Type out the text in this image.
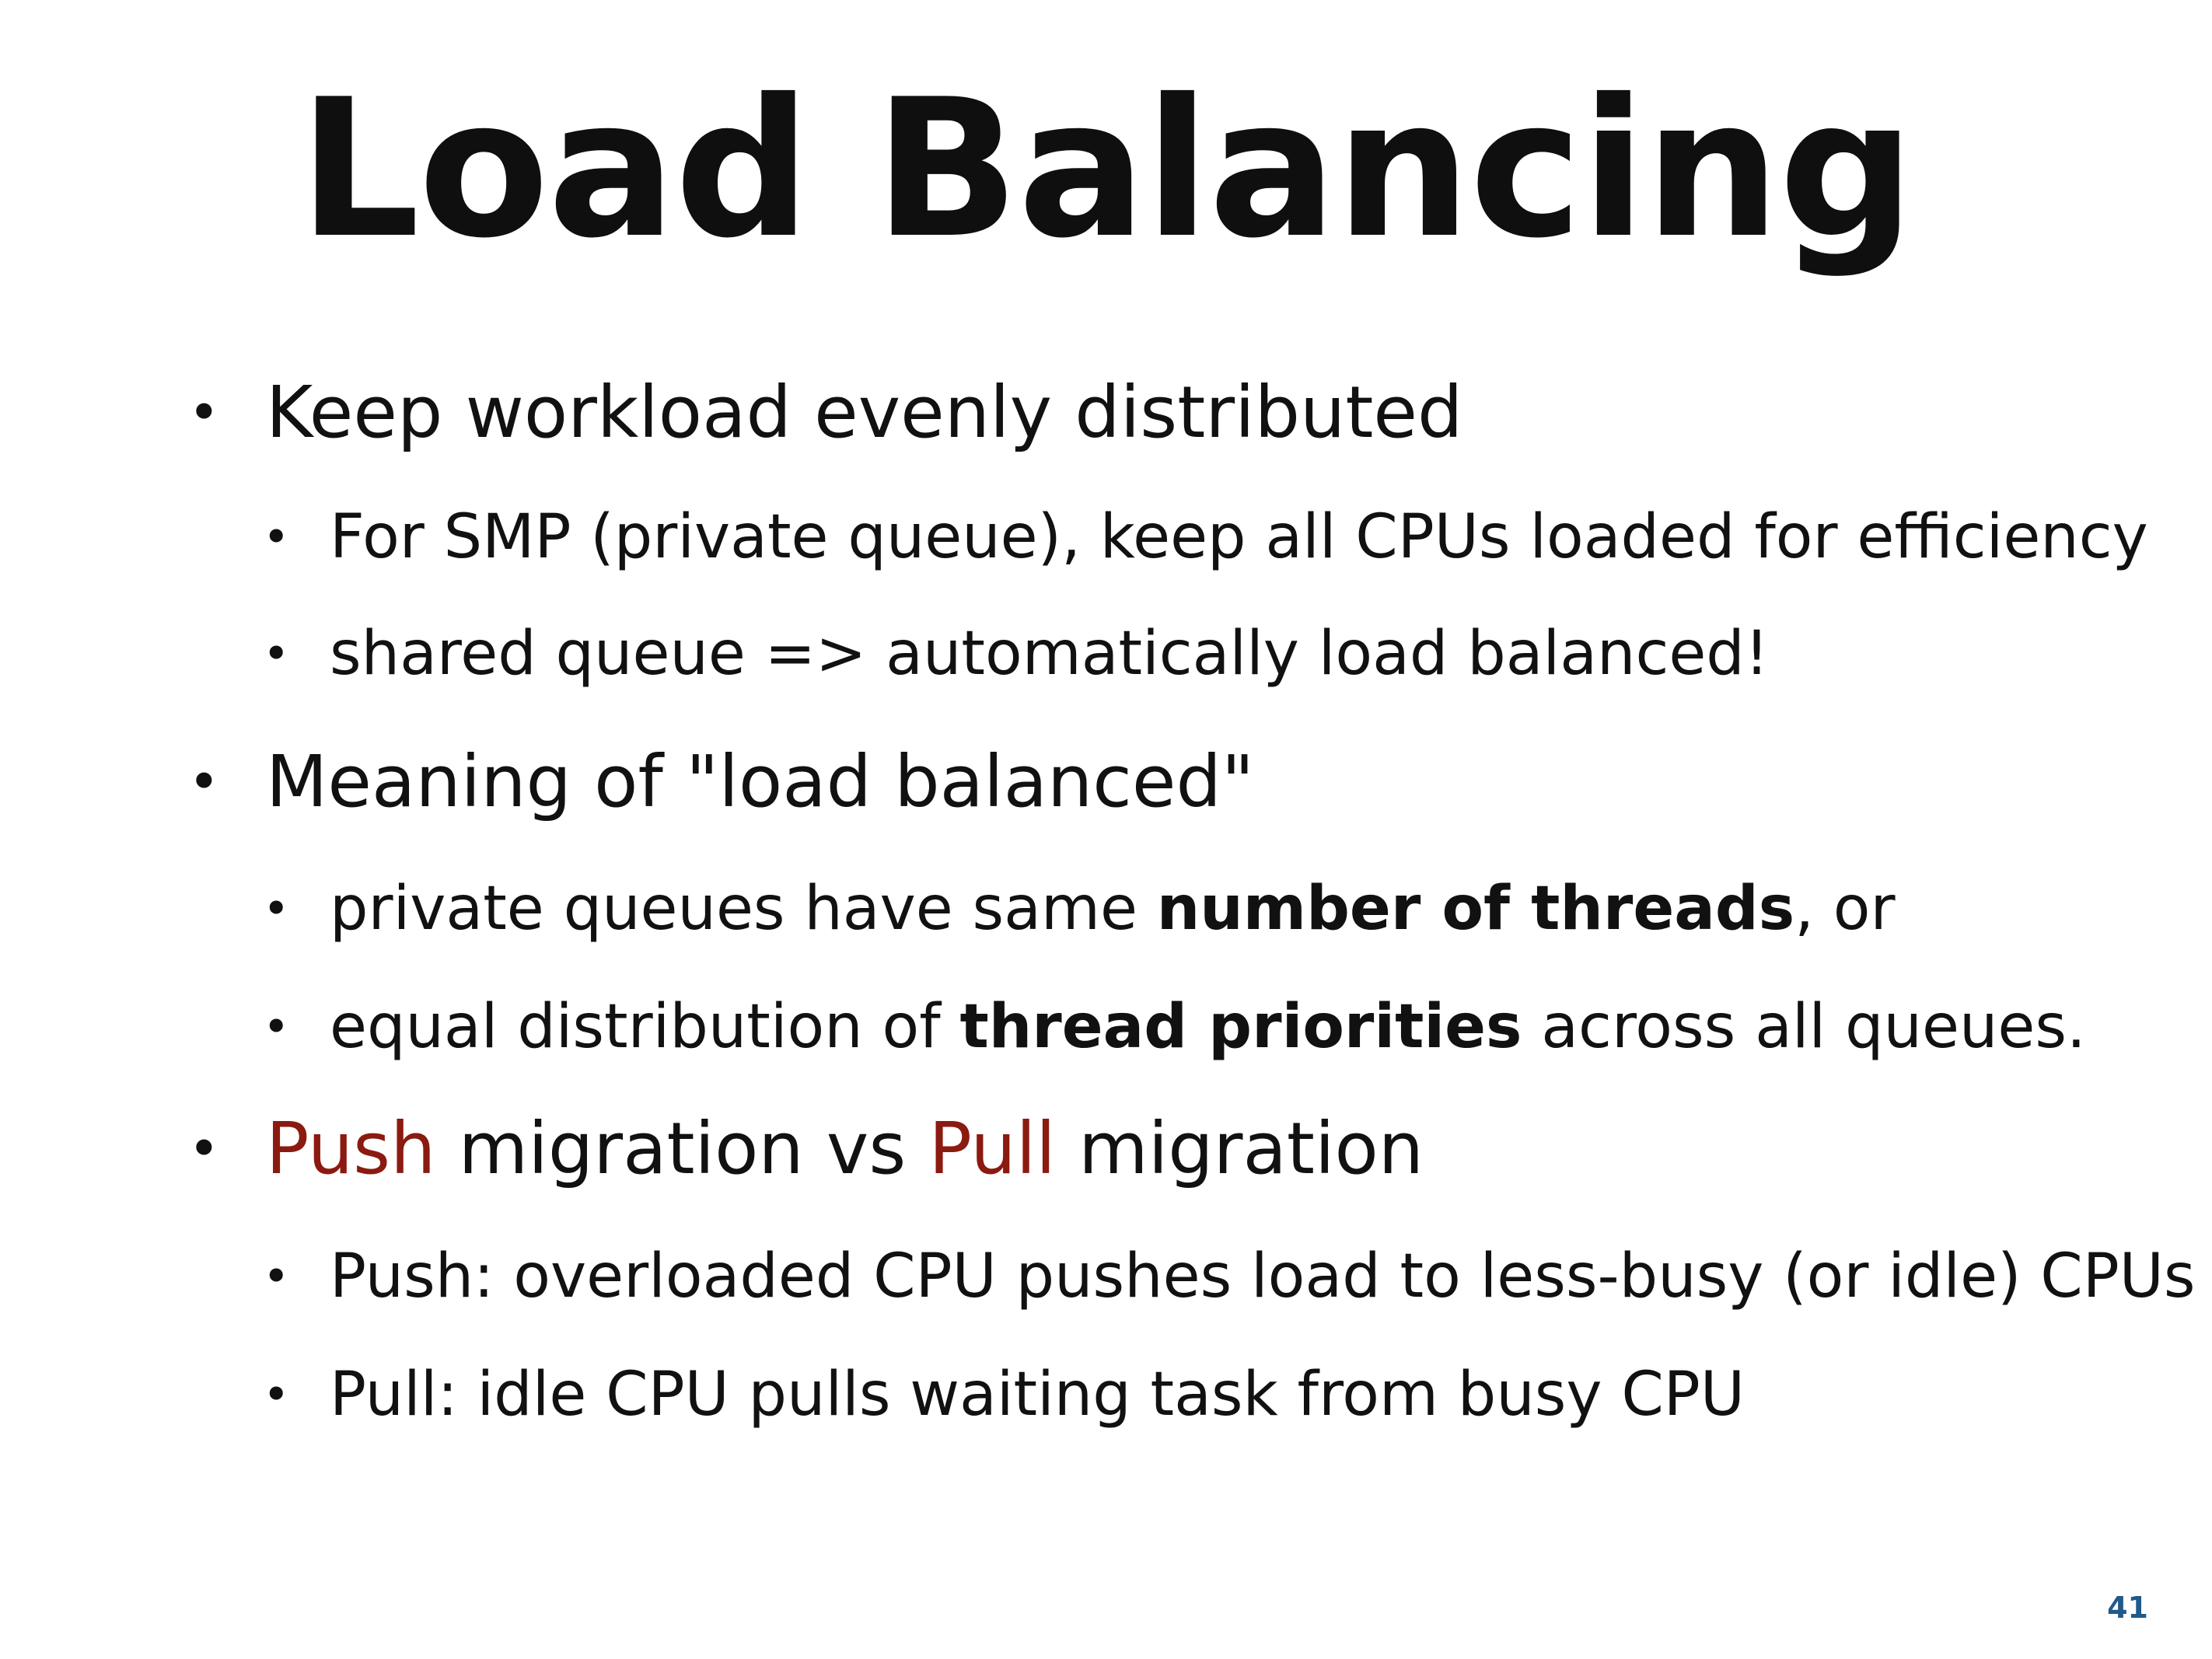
Load Balancing
• Keep workload evenly distributed
• For SMP (private queue), keep all CPUs loaded for efficiency
• shared queue => automatically load balanced!
• Meaning of "load balanced"
• private queues have same number of threads, or
• equal distribution of thread priorities across all queues.
• Push migration vs Pull migration
• Push: overloaded CPU pushes load to less-busy (or idle) CPUs
• Pull: idle CPU pulls waiting task from busy CPU
41
